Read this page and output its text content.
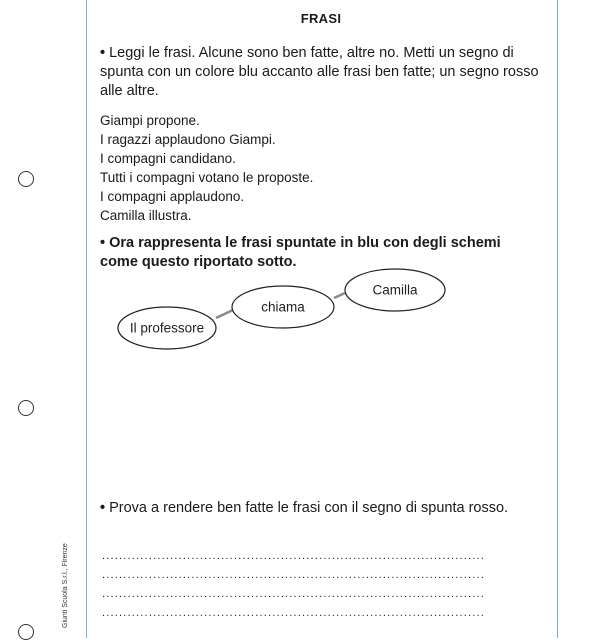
Giunti Scuola S.r.l., Firenze
FRASI
• Leggi le frasi. Alcune sono ben fatte, altre no. Metti un segno di spunta con un colore blu accanto alle frasi ben fatte; un segno rosso alle altre.
Giampi propone.
I ragazzi applaudono Giampi.
I compagni candidano.
Tutti i compagni votano le proposte.
I compagni applaudono.
Camilla illustra.
• Ora rappresenta le frasi spuntate in blu con degli schemi come questo riportato sotto.
Il professore
chiama
Camilla
• Prova a rendere ben fatte le frasi con il segno di spunta rosso.
..........................................................................................
..........................................................................................
..........................................................................................
..........................................................................................
